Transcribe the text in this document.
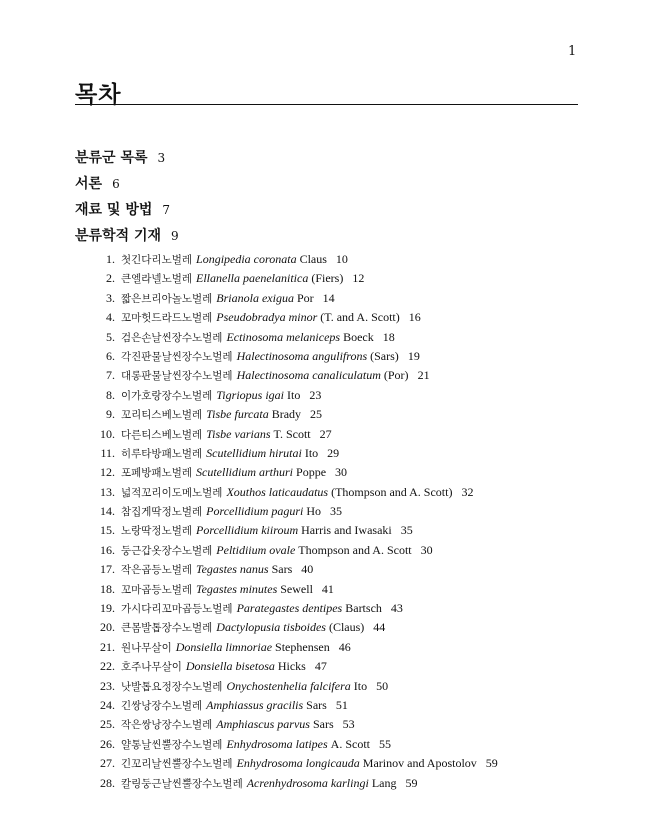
1
목차
분류군 목록 3
서론 6
재료 및 방법 7
분류학적 기재 9
1. 첫긴다리노벌레 Longipedia coronata Claus 10
2. 큰엘라넬노벌레 Ellanella paenelanitica (Fiers) 12
3. 짧은브리아놀노벌레 Brianola exigua Por 14
4. 꼬마헛드라드노벌레 Pseudobradya minor (T. and A. Scott) 16
5. 검은손날씬장수노벌레 Ectinosoma melaniceps Boeck 18
6. 각진판물날씬장수노벌레 Halectinosoma angulifrons (Sars) 19
7. 대롱판물날씬장수노벌레 Halectinosoma canaliculatum (Por) 21
8. 이가호랑장수노벌레 Tigriopus igai Ito 23
9. 꼬리티스베노벌레 Tisbe furcata Brady 25
10. 다른티스베노벌레 Tisbe varians T. Scott 27
11. 히루타방패노벌레 Scutellidium hirutai Ito 29
12. 포페방패노벌레 Scutellidium arthuri Poppe 30
13. 넓적꼬리이도메노벌레 Xouthos laticaudatus (Thompson and A. Scott) 32
14. 참집게딱정노벌레 Porcellidium paguri Ho 35
15. 노랑딱정노벌레 Porcellidium kiiroum Harris and Iwasaki 35
16. 둥근갑옷장수노벌레 Peltidiium ovale Thompson and A. Scott 30
17. 작은곱등노벌레 Tegastes nanus Sars 40
18. 꼬마곱등노벌레 Tegastes minutes Sewell 41
19. 가시다리꼬마곱등노벌레 Parategastes dentipes Bartsch 43
20. 큰몸발톱장수노벌레 Dactylopusia tisboides (Claus) 44
21. 원나무살이 Donsiella limnoriae Stephensen 46
22. 호주나무살이 Donsiella bisetosa Hicks 47
23. 낫발톱요정장수노벌레 Onychostenhelia falcifera Ito 50
24. 긴쌍낭장수노벌레 Amphiassus gracilis Sars 51
25. 작은쌍낭장수노벌레 Amphiascus parvus Sars 53
26. 얄통날씬뿔장수노벌레 Enhydrosoma latipes A. Scott 55
27. 긴꼬리날씬뿔장수노벌레 Enhydrosoma longicauda Marinov and Apostolov 59
28. 칼링둥근날씬뿔장수노벌레 Acrenhydrosoma karlingi Lang 59
